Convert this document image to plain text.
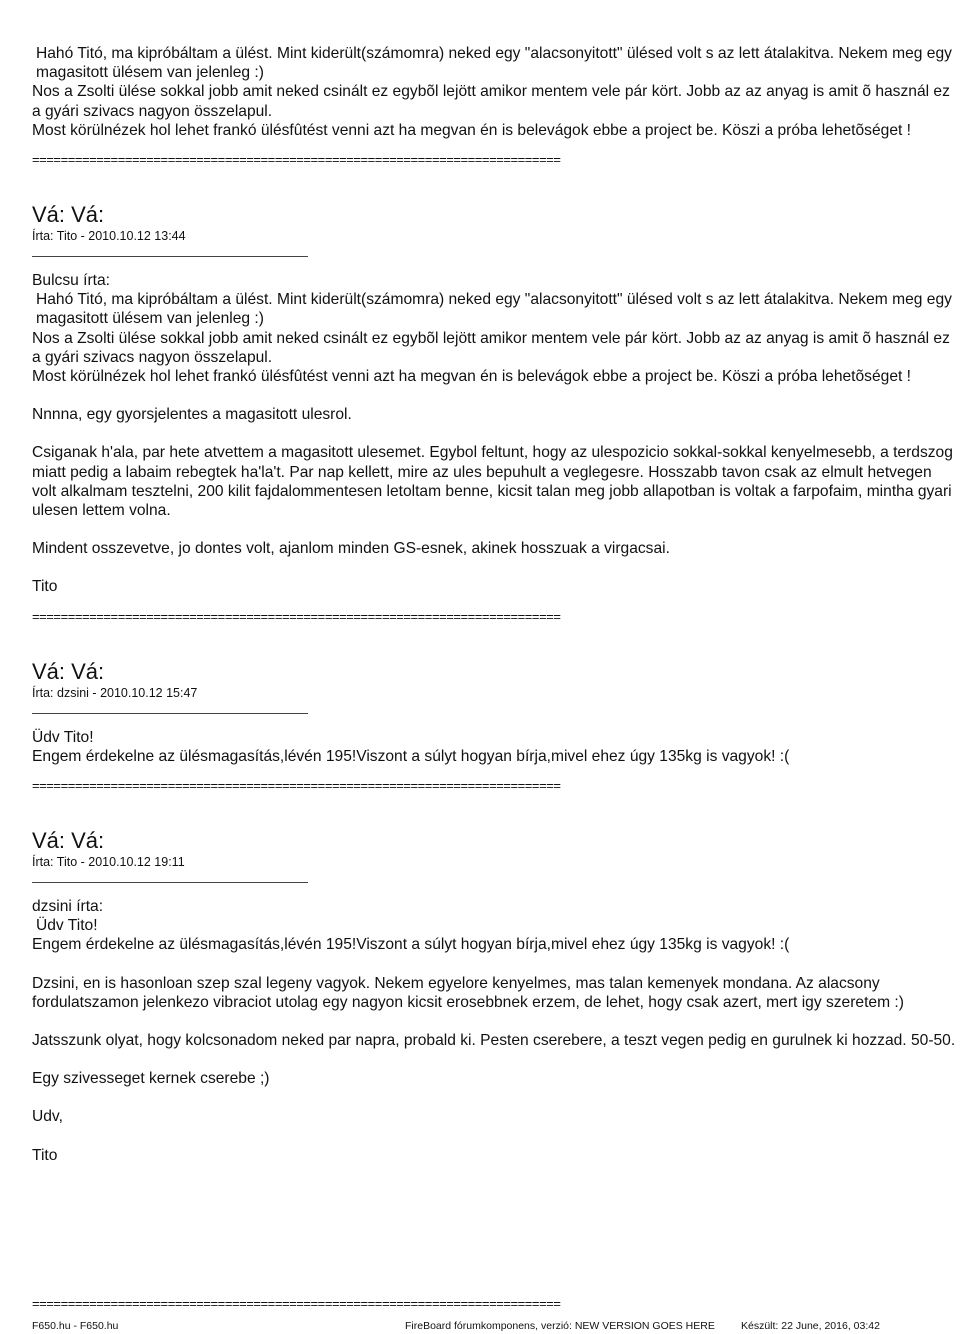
Hahó Titó, ma kipróbáltam a ülést. Mint kiderült(számomra) neked egy "alacsonyitott" ülésed volt s az lett átalakitva. Nekem meg egy magasitott ülésem van jelenleg :)

Nos a Zsolti ülése sokkal jobb amit neked csinált ez egybõl lejött amikor mentem vele pár kört. Jobb az az anyag is amit õ használ ez a gyári szivacs nagyon összelapul.

Most körülnézek hol lehet frankó ülésfûtést venni azt ha megvan én is belevágok ebbe a project be. Köszi a próba lehetõséget !

==========================================================================

Vá: Vá:

Írta: Tito - 2010.10.12 13:44

Bulcsu írta:

Hahó Titó, ma kipróbáltam a ülést. Mint kiderült(számomra) neked egy "alacsonyitott" ülésed volt s az lett átalakitva. Nekem meg egy magasitott ülésem van jelenleg :)

Nos a Zsolti ülése sokkal jobb amit neked csinált ez egybõl lejött amikor mentem vele pár kört. Jobb az az anyag is amit õ használ ez a gyári szivacs nagyon összelapul.

Most körülnézek hol lehet frankó ülésfûtést venni azt ha megvan én is belevágok ebbe a project be. Köszi a próba lehetõséget !

Nnnna, egy gyorsjelentes a magasitott ulesrol.

Csiganak h'ala, par hete atvettem a magasitott ulesemet. Egybol feltunt, hogy az ulespozicio sokkal-sokkal kenyelmesebb, a terdszog miatt pedig a labaim rebegtek ha'la't. Par nap kellett, mire az ules bepuhult a veglegesre. Hosszabb tavon csak az elmult hetvegen volt alkalmam tesztelni, 200 kilit fajdalommentesen letoltam benne, kicsit talan meg jobb allapotban is voltak a farpofaim, mintha gyari ulesen lettem volna.

Mindent osszevetve, jo dontes volt, ajanlom minden GS-esnek, akinek hosszuak a virgacsai.

Tito

==========================================================================

Vá: Vá:

Írta: dzsini - 2010.10.12 15:47

Üdv Tito!

Engem érdekelne az ülésmagasítás,lévén 195!Viszont a súlyt hogyan bírja,mivel ehez úgy 135kg is vagyok! :(

==========================================================================

Vá: Vá:

Írta: Tito - 2010.10.12 19:11

dzsini írta:

Üdv Tito!

Engem érdekelne az ülésmagasítás,lévén 195!Viszont a súlyt hogyan bírja,mivel ehez úgy 135kg is vagyok! :(

Dzsini, en is hasonloan szep szal legeny vagyok. Nekem egyelore kenyelmes, mas talan kemenyek mondana. Az alacsony fordulatszamon jelenkezo vibraciot utolag egy nagyon kicsit erosebbnek erzem, de lehet, hogy csak azert, mert igy szeretem :)

Jatsszunk olyat, hogy kolcsonadom neked par napra, probald ki. Pesten cserebere, a teszt vegen pedig en gurulnek ki hozzad. 50-50.

Egy szivesseget kernek cserebe ;)

Udv,

Tito

==========================================================================

F650.hu - F650.hu	FireBoard fórumkomponens, verzió: NEW VERSION GOES HERE Készült: 22 June, 2016, 03:42
